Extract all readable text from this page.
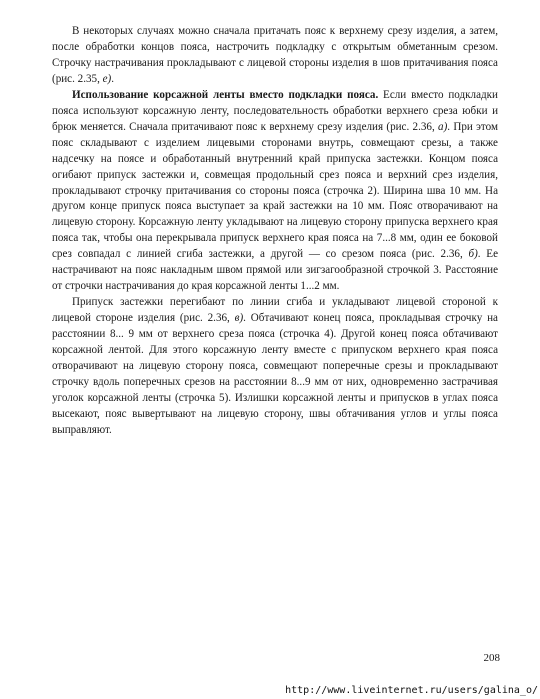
В некоторых случаях можно сначала притачать пояс к верхнему срезу изделия, а затем, после обработки концов пояса, настрочить подкладку с открытым обметанным срезом. Строчку настрачивания прокладывают с лицевой стороны изделия в шов притачивания пояса (рис. 2.35, е).

Использование корсажной ленты вместо подкладки пояса. Если вместо подкладки пояса используют корсажную ленту, последовательность обработки верхнего среза юбки и брюк меняется. Сначала притачивают пояс к верхнему срезу изделия (рис. 2.36, а). При этом пояс складывают с изделием лицевыми сторонами внутрь, совмещают срезы, а также надсечку на поясе и обработанный внутренний край припуска застежки. Концом пояса огибают припуск застежки и, совмещая продольный срез пояса и верхний срез изделия, прокладывают строчку притачивания со стороны пояса (строчка 2). Ширина шва 10 мм. На другом конце припуск пояса выступает за край застежки на 10 мм. Пояс отворачивают на лицевую сторону. Корсажную ленту укладывают на лицевую сторону припуска верхнего края пояса так, чтобы она перекрывала припуск верхнего края пояса на 7...8 мм, один ее боковой срез совпадал с линией сгиба застежки, а другой — со срезом пояса (рис. 2.36, б). Ее настрачивают на пояс накладным швом прямой или зигзагообразной строчкой 3. Расстояние от строчки настрачивания до края корсажной ленты 1...2 мм.

Припуск застежки перегибают по линии сгиба и укладывают лицевой стороной к лицевой стороне изделия (рис. 2.36, в). Обтачивают конец пояса, прокладывая строчку на расстоянии 8... 9 мм от верхнего среза пояса (строчка 4). Другой конец пояса обтачивают корсажной лентой. Для этого корсажную ленту вместе с припуском верхнего края пояса отворачивают на лицевую сторону пояса, совмещают поперечные срезы и прокладывают строчку вдоль поперечных срезов на расстоянии 8...9 мм от них, одновременно застрачивая уголок корсажной ленты (строчка 5). Излишки корсажной ленты и припусков в углах пояса высекают, пояс вывертывают на лицевую сторону, швы обтачивания углов и углы пояса выправляют.

208
http://www.liveinternet.ru/users/galina_o/
